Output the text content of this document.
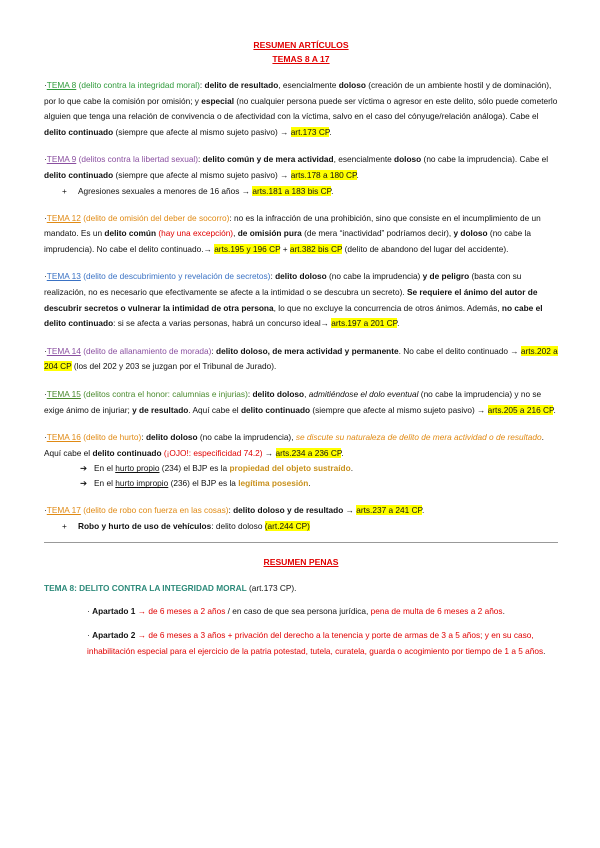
RESUMEN ARTÍCULOS
TEMAS 8 A 17

·TEMA 8 (delito contra la integridad moral): delito de resultado, esencialmente doloso (creación de un ambiente hostil y de dominación), por lo que cabe la comisión por omisión; y especial (no cualquier persona puede ser víctima o agresor en este delito, sólo puede cometerlo alguien que tenga una relación de convivencia o de afectividad con la víctima, salvo en el caso del cónyuge/relación análoga). Cabe el delito continuado (siempre que afecte al mismo sujeto pasivo) → art.173 CP.

·TEMA 9 (delitos contra la libertad sexual): delito común y de mera actividad, esencialmente doloso (no cabe la imprudencia). Cabe el delito continuado (siempre que afecte al mismo sujeto pasivo) → arts.178 a 180 CP.

+	Agresiones sexuales a menores de 16 años → arts.181 a 183 bis CP.

·TEMA 12 (delito de omisión del deber de socorro): no es la infracción de una prohibición, sino que consiste en el incumplimiento de un mandato. Es un delito común (hay una excepción), de omisión pura (de mera “inactividad” podríamos decir), y doloso (no cabe la imprudencia). No cabe el delito continuado.→ arts.195 y 196 CP + art.382 bis CP (delito de abandono del lugar del accidente).

·TEMA 13 (delito de descubrimiento y revelación de secretos): delito doloso (no cabe la imprudencia) y de peligro (basta con su realización, no es necesario que efectivamente se afecte a la intimidad o se descubra un secreto). Se requiere el ánimo del autor de descubrir secretos o vulnerar la intimidad de otra persona, lo que no excluye la concurrencia de otros ánimos. Además, no cabe el delito continuado: si se afecta a varias personas, habrá un concurso ideal→ arts.197 a 201 CP.

·TEMA 14 (delito de allanamiento de morada): delito doloso, de mera actividad y permanente. No cabe el delito continuado → arts.202 a 204 CP (los del 202 y 203 se juzgan por el Tribunal de Jurado).

·TEMA 15 (delitos contra el honor: calumnias e injurias): delito doloso, admitiéndose el dolo eventual (no cabe la imprudencia) y no se exige ánimo de injuriar; y de resultado. Aquí cabe el delito continuado (siempre que afecte al mismo sujeto pasivo) → arts.205 a 216 CP.

·TEMA 16 (delito de hurto): delito doloso (no cabe la imprudencia), se discute su naturaleza de delito de mera actividad o de resultado. Aquí cabe el delito continuado (¡OJO!: especificidad 74.2) → arts.234 a 236 CP.

➔ En el hurto propio (234) el BJP es la propiedad del objeto sustraído.

➔ En el hurto impropio (236) el BJP es la legítima posesión.

·TEMA 17 (delito de robo con fuerza en las cosas): delito doloso y de resultado → arts.237 a 241 CP.

+	Robo y hurto de uso de vehículos: delito doloso (art.244 CP)

RESUMEN PENAS

TEMA 8: DELITO CONTRA LA INTEGRIDAD MORAL (art.173 CP).

· Apartado 1 → de 6 meses a 2 años / en caso de que sea persona jurídica, pena de multa de 6 meses a 2 años.

· Apartado 2 → de 6 meses a 3 años + privación del derecho a la tenencia y porte de armas de 3 a 5 años; y en su caso, inhabilitación especial para el ejercicio de la patria potestad, tutela, curatela, guarda o acogimiento por tiempo de 1 a 5 años.
